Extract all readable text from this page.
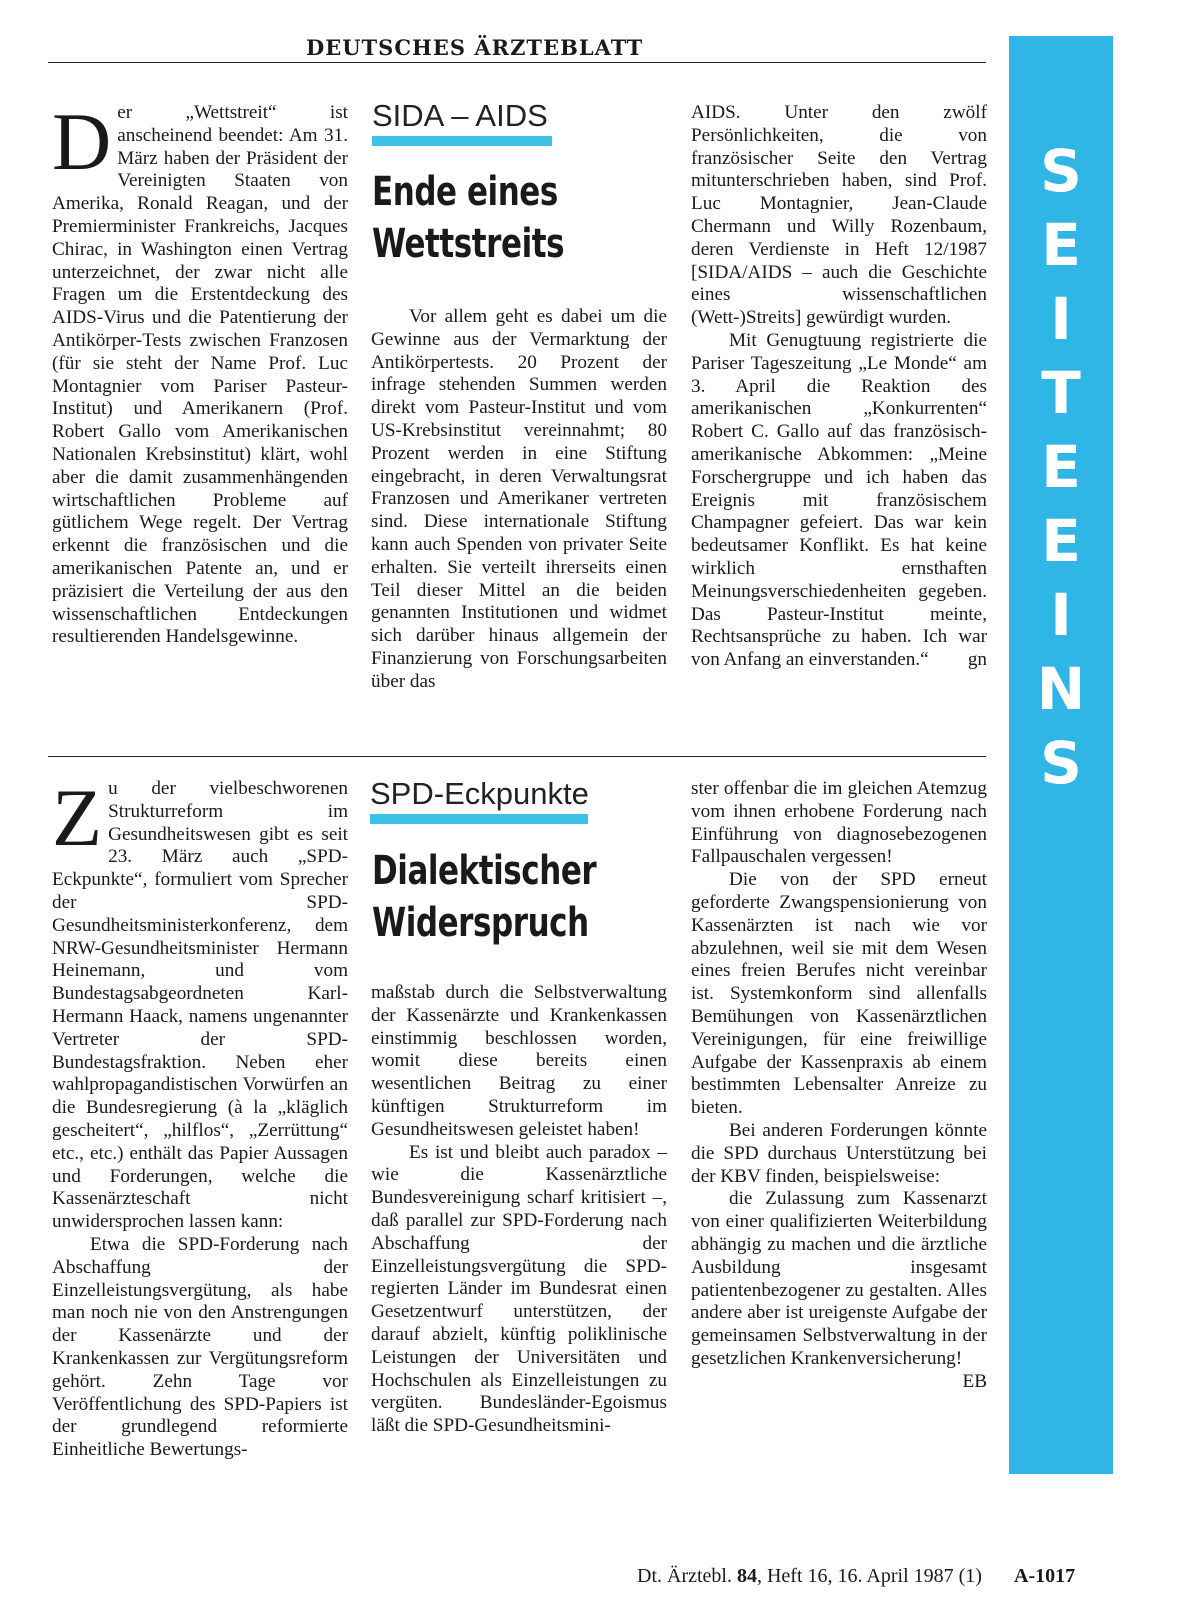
DEUTSCHES ÄRZTEBLATT
S
E
I
T
E
E
I
N
S

Der „Wettstreit“ ist anscheinend beendet: Am 31. März haben der Präsident der Vereinigten Staaten von Amerika, Ronald Reagan, und der Premierminister Frankreichs, Jacques Chirac, in Washington einen Vertrag unterzeichnet, der zwar nicht alle Fragen um die Erstentdeckung des AIDS-Virus und die Patentierung der Antikörper-Tests zwischen Franzosen (für sie steht der Name Prof. Luc Montagnier vom Pariser Pasteur-Institut) und Amerikanern (Prof. Robert Gallo vom Amerikanischen Nationalen Krebsinstitut) klärt, wohl aber die damit zusammenhängenden wirtschaftlichen Probleme auf gütlichem Wege regelt. Der Vertrag erkennt die französischen und die amerikanischen Patente an, und er präzisiert die Verteilung der aus den wissenschaftlichen Entdeckungen resultierenden Handelsgewinne.

SIDA – AIDS
Ende eines
Wettstreits

Vor allem geht es dabei um die Gewinne aus der Vermarktung der Antikörpertests. 20 Prozent der infrage stehenden Summen werden direkt vom Pasteur-Institut und vom US-Krebsinstitut vereinnahmt; 80 Prozent werden in eine Stiftung eingebracht, in deren Verwaltungsrat Franzosen und Amerikaner vertreten sind. Diese internationale Stiftung kann auch Spenden von privater Seite erhalten. Sie verteilt ihrerseits einen Teil dieser Mittel an die beiden genannten Institutionen und widmet sich darüber hinaus allgemein der Finanzierung von Forschungsarbeiten über das

AIDS. Unter den zwölf Persönlichkeiten, die von französischer Seite den Vertrag mitunterschrieben haben, sind Prof. Luc Montagnier, Jean-Claude Chermann und Willy Rozenbaum, deren Verdienste in Heft 12/1987 [SIDA/AIDS – auch die Geschichte eines wissenschaftlichen (Wett-)Streits] gewürdigt wurden.

Mit Genugtuung registrierte die Pariser Tageszeitung „Le Monde“ am 3. April die Reaktion des amerikanischen „Konkurrenten“ Robert C. Gallo auf das französisch-amerikanische Abkommen: „Meine Forschergruppe und ich haben das Ereignis mit französischem Champagner gefeiert. Das war kein bedeutsamer Konflikt. Es hat keine wirklich ernsthaften Meinungsverschiedenheiten gegeben. Das Pasteur-Institut meinte, Rechtsansprüche zu haben. Ich war von Anfang an einverstanden.“	gn

Zu der vielbeschworenen Strukturreform im Gesundheitswesen gibt es seit 23. März auch „SPD-Eckpunkte“, formuliert vom Sprecher der SPD-Gesundheitsministerkonferenz, dem NRW-Gesundheitsminister Hermann Heinemann, und vom Bundestagsabgeordneten Karl-Hermann Haack, namens ungenannter Vertreter der SPD-Bundestagsfraktion. Neben eher wahlpropagandistischen Vorwürfen an die Bundesregierung (à la „kläglich gescheitert“, „hilflos“, „Zerrüttung“ etc., etc.) enthält das Papier Aussagen und Forderungen, welche die Kassenärzteschaft nicht unwidersprochen lassen kann:

Etwa die SPD-Forderung nach Abschaffung der Einzelleistungsvergütung, als habe man noch nie von den Anstrengungen der Kassenärzte und der Krankenkassen zur Vergütungsreform gehört. Zehn Tage vor Veröffentlichung des SPD-Papiers ist der grundlegend reformierte Einheitliche Bewertungs-

SPD-Eckpunkte
Dialektischer
Widerspruch

maßstab durch die Selbstverwaltung der Kassenärzte und Krankenkassen einstimmig beschlossen worden, womit diese bereits einen wesentlichen Beitrag zu einer künftigen Strukturreform im Gesundheitswesen geleistet haben!

Es ist und bleibt auch paradox – wie die Kassenärztliche Bundesvereinigung scharf kritisiert –, daß parallel zur SPD-Forderung nach Abschaffung der Einzelleistungsvergütung die SPD-regierten Länder im Bundesrat einen Gesetzentwurf unterstützen, der darauf abzielt, künftig poliklinische Leistungen der Universitäten und Hochschulen als Einzelleistungen zu vergüten. Bundesländer-Egoismus läßt die SPD-Gesundheitsmini-

ster offenbar die im gleichen Atemzug vom ihnen erhobene Forderung nach Einführung von diagnosebezogenen Fallpauschalen vergessen!

Die von der SPD erneut geforderte Zwangspensionierung von Kassenärzten ist nach wie vor abzulehnen, weil sie mit dem Wesen eines freien Berufes nicht vereinbar ist. Systemkonform sind allenfalls Bemühungen von Kassenärztlichen Vereinigungen, für eine freiwillige Aufgabe der Kassenpraxis ab einem bestimmten Lebensalter Anreize zu bieten.

Bei anderen Forderungen könnte die SPD durchaus Unterstützung bei der KBV finden, beispielsweise:

die Zulassung zum Kassenarzt von einer qualifizierten Weiterbildung abhängig zu machen und die ärztliche Ausbildung insgesamt patientenbezogener zu gestalten. Alles andere aber ist ureigenste Aufgabe der gemeinsamen Selbstverwaltung in der gesetzlichen Krankenversicherung!
EB

Dt. Ärztebl. 84, Heft 16, 16. April 1987 (1) A-1017
